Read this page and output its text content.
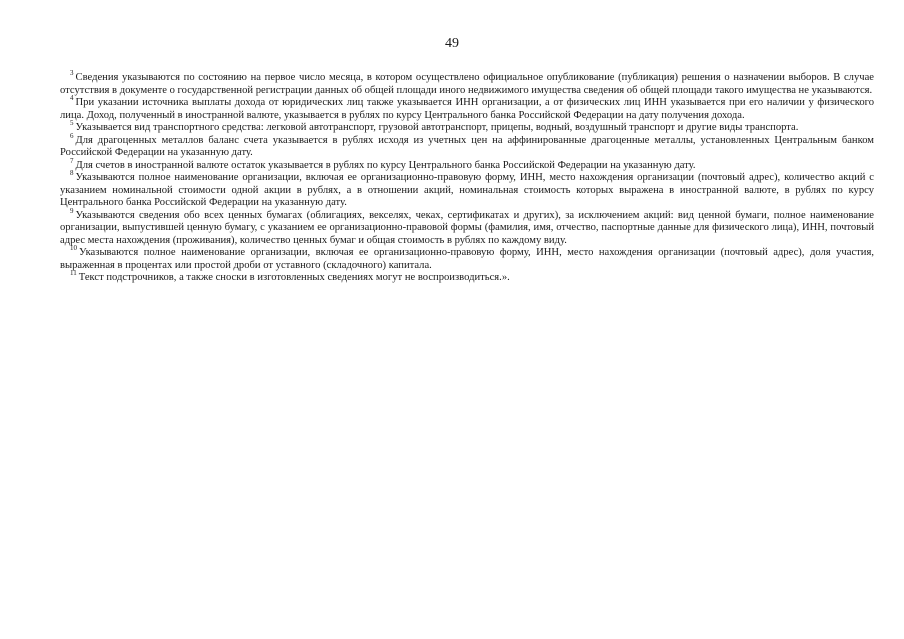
49

$^3$ Сведения указываются по состоянию на первое число месяца, в котором осуществлено официальное опубликование (публикация) решения о назначении выборов. В случае отсутствия в документе о государственной регистрации данных об общей площади иного недвижимого имущества сведения об общей площади такого имущества не указываются.

$^4$ При указании источника выплаты дохода от юридических лиц также указывается ИНН организации, а от физических лиц ИНН указывается при его наличии у физического лица. Доход, полученный в иностранной валюте, указывается в рублях по курсу Центрального банка Российской Федерации на дату получения дохода.

$^5$ Указывается вид транспортного средства: легковой автотранспорт, грузовой автотранспорт, прицепы, водный, воздушный транспорт и другие виды транспорта.

$^6$ Для драгоценных металлов баланс счета указывается в рублях исходя из учетных цен на аффинированные драгоценные металлы, установленных Центральным банком Российской Федерации на указанную дату.

$^7$ Для счетов в иностранной валюте остаток указывается в рублях по курсу Центрального банка Российской Федерации на указанную дату.

$^8$ Указываются полное наименование организации, включая ее организационно-правовую форму, ИНН, место нахождения организации (почтовый адрес), количество акций с указанием номинальной стоимости одной акции в рублях, а в отношении акций, номинальная стоимость которых выражена в иностранной валюте, в рублях по курсу Центрального банка Российской Федерации на указанную дату.

$^9$ Указываются сведения обо всех ценных бумагах (облигациях, векселях, чеках, сертификатах и других), за исключением акций: вид ценной бумаги, полное наименование организации, выпустившей ценную бумагу, с указанием ее организационно-правовой формы (фамилия, имя, отчество, паспортные данные для физического лица), ИНН, почтовый адрес места нахождения (проживания), количество ценных бумаг и общая стоимость в рублях по каждому виду.

$^{10}$ Указываются полное наименование организации, включая ее организационно-правовую форму, ИНН, место нахождения организации (почтовый адрес), доля участия, выраженная в процентах или простой дроби от уставного (складочного) капитала.

$^{11}$ Текст подстрочников, а также сноски в изготовленных сведениях могут не воспроизводиться.».
